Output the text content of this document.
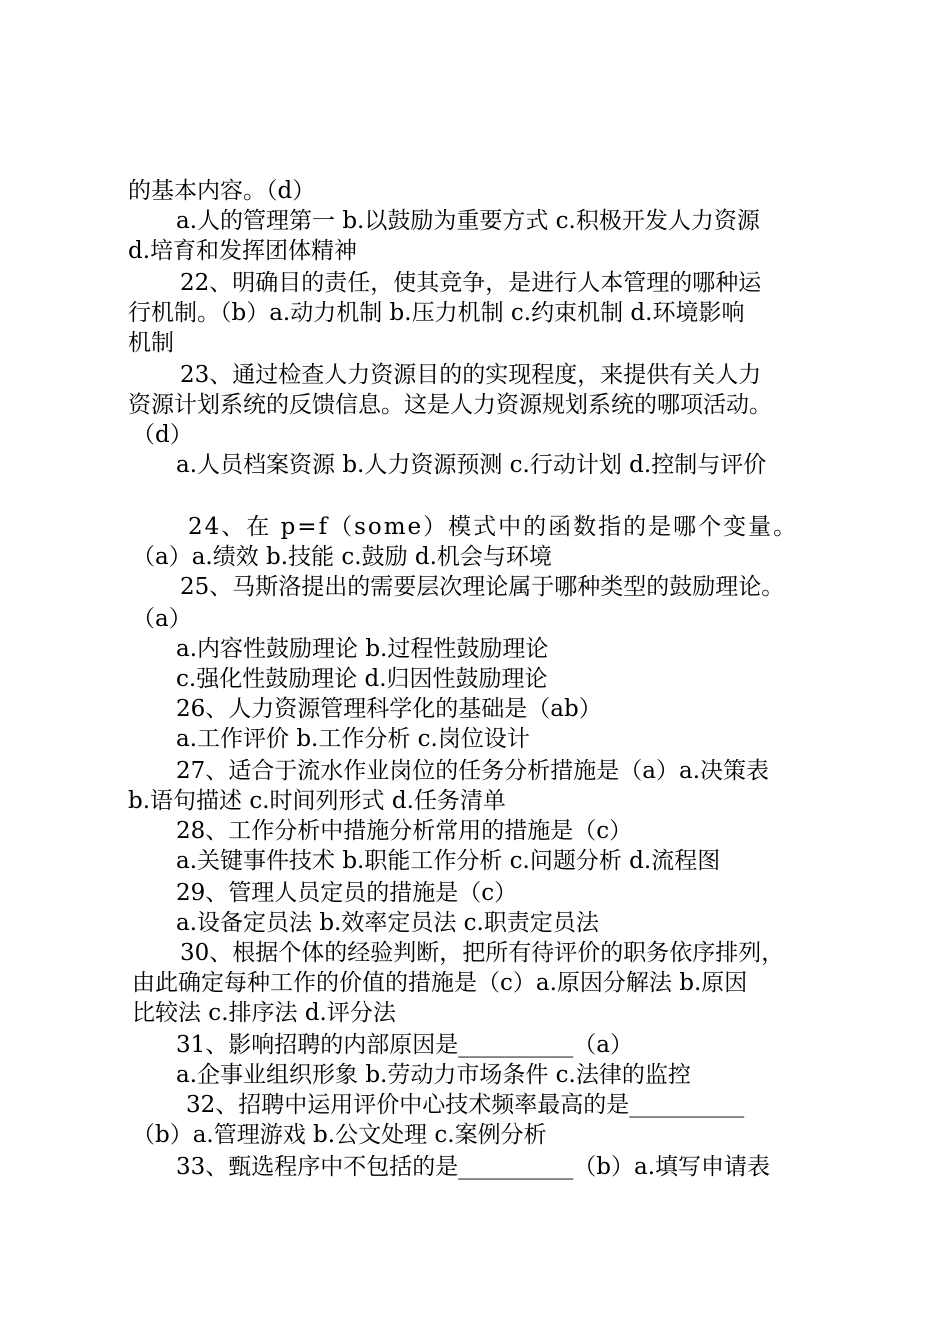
的基本内容。（d）
a.人的管理第一 b.以鼓励为重要方式 c.积极开发人力资源
d.培育和发挥团体精神
22、明确目的责任，使其竞争，是进行人本管理的哪种运
行机制。（b）a.动力机制 b.压力机制 c.约束机制 d.环境影响
机制
23、通过检查人力资源目的的实现程度，来提供有关人力
资源计划系统的反馈信息。这是人力资源规划系统的哪项活动。
（d）
a.人员档案资源 b.人力资源预测 c.行动计划 d.控制与评价
24、在 p=f（some）模式中的函数指的是哪个变量。
（a）a.绩效 b.技能 c.鼓励 d.机会与环境
25、马斯洛提出的需要层次理论属于哪种类型的鼓励理论。
（a）
a.内容性鼓励理论 b.过程性鼓励理论
c.强化性鼓励理论 d.归因性鼓励理论
26、人力资源管理科学化的基础是（ab）
a.工作评价 b.工作分析 c.岗位设计
27、适合于流水作业岗位的任务分析措施是（a）a.决策表
b.语句描述 c.时间列形式 d.任务清单
28、工作分析中措施分析常用的措施是（c）
a.关键事件技术 b.职能工作分析 c.问题分析 d.流程图
29、管理人员定员的措施是（c）
a.设备定员法 b.效率定员法 c.职责定员法
30、根据个体的经验判断，把所有待评价的职务依序排列，
由此确定每种工作的价值的措施是（c）a.原因分解法 b.原因
比较法 c.排序法 d.评分法
31、影响招聘的内部原因是__________（a）
a.企事业组织形象 b.劳动力市场条件 c.法律的监控
32、招聘中运用评价中心技术频率最高的是__________
（b）a.管理游戏 b.公文处理 c.案例分析
33、甄选程序中不包括的是__________（b）a.填写申请表
